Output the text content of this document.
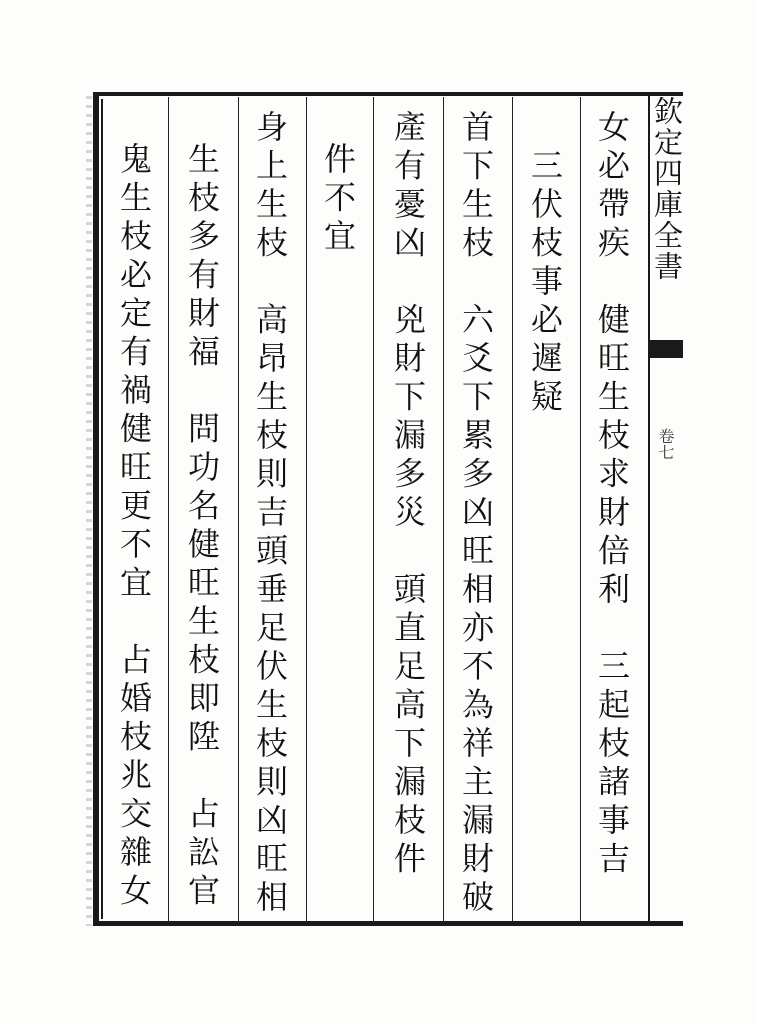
欽定四庫全書
卷七
女必帶疾　健旺生枝求財倍利　三起枝諸事吉
　三伏枝事必遲疑
首下生枝　六爻下累多凶旺相亦不為祥主漏財破
產有憂凶　兇財下漏多災　頭直足高下漏枝件
件不宜
身上生枝　高昂生枝則吉頭垂足伏生枝則凶旺相
生枝多有財福　問功名健旺生枝即陞　占訟官
鬼生枝必定有禍健旺更不宜　占婚枝兆交雜女
